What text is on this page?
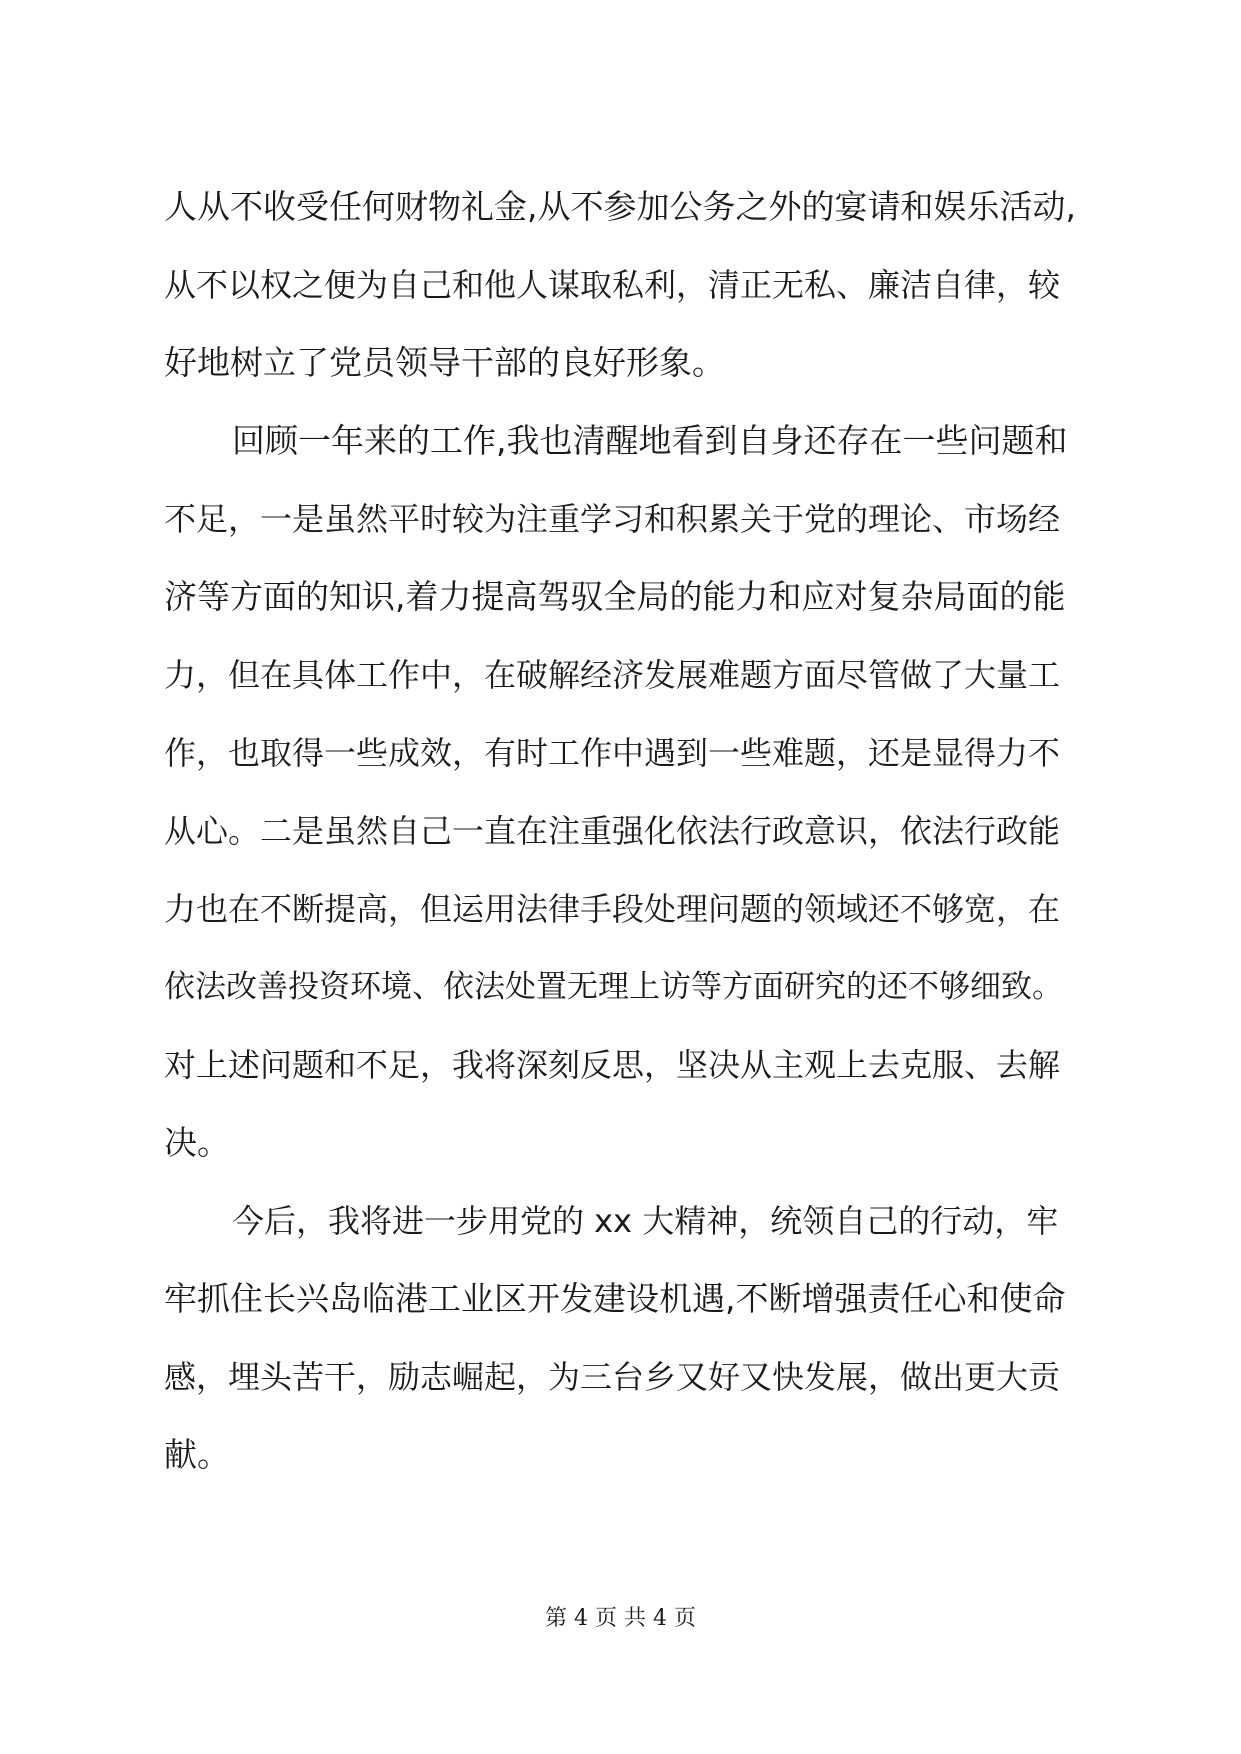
人从不收受任何财物礼金,从不参加公务之外的宴请和娱乐活动,
从不以权之便为自己和他人谋取私利，清正无私、廉洁自律，较
好地树立了党员领导干部的良好形象。
回顾一年来的工作,我也清醒地看到自身还存在一些问题和
不足，一是虽然平时较为注重学习和积累关于党的理论、市场经
济等方面的知识,着力提高驾驭全局的能力和应对复杂局面的能
力，但在具体工作中，在破解经济发展难题方面尽管做了大量工
作，也取得一些成效，有时工作中遇到一些难题，还是显得力不
从心。二是虽然自己一直在注重强化依法行政意识，依法行政能
力也在不断提高，但运用法律手段处理问题的领域还不够宽，在
依法改善投资环境、依法处置无理上访等方面研究的还不够细致。
对上述问题和不足，我将深刻反思，坚决从主观上去克服、去解
决。
今后，我将进一步用党的 xx 大精神，统领自己的行动，牢
牢抓住长兴岛临港工业区开发建设机遇,不断增强责任心和使命
感，埋头苦干，励志崛起，为三台乡又好又快发展，做出更大贡
献。
第 4 页 共 4 页
